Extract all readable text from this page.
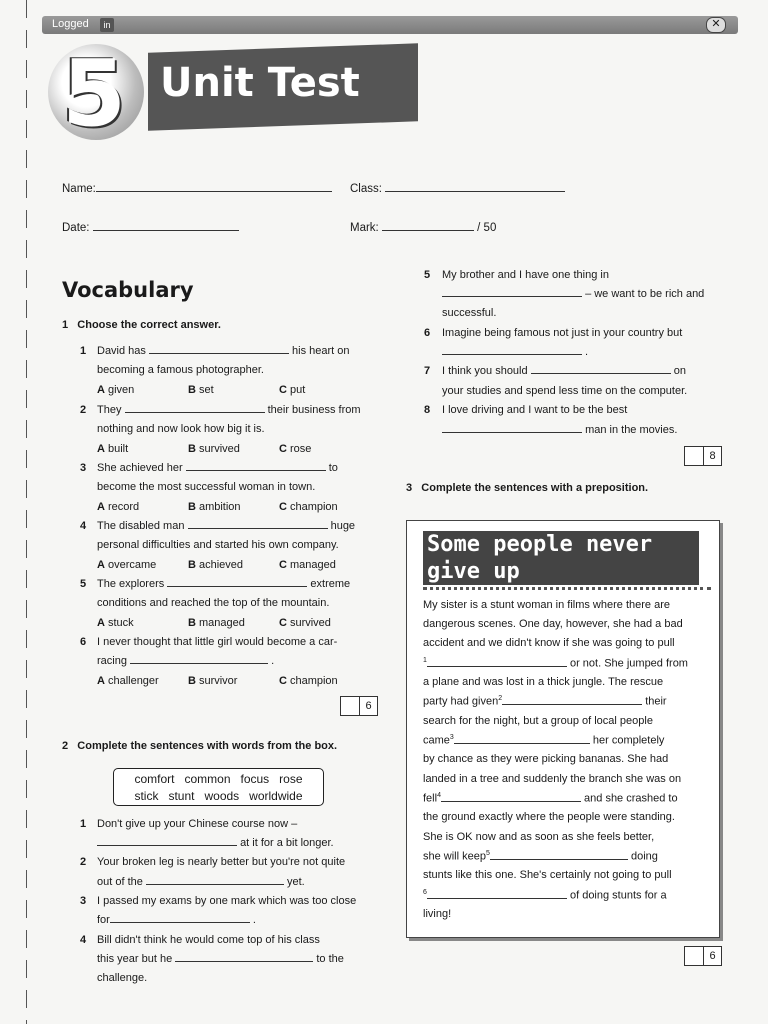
Logged	in	✕
5 Unit Test
Name:	Class:
Date:	Mark:	/ 50
Vocabulary
1 Choose the correct answer.
1 David has	his heart on
becoming a famous photographer.
A given	B set	C put
2 They	their business from
nothing and now look how big it is.
A built	B survived	C rose
3 She achieved her	to
become the most successful woman in town.
A record	B ambition	C champion
4 The disabled man	huge
personal difficulties and started his own company.
A overcame	B achieved	C managed
5 The explorers	extreme
conditions and reached the top of the mountain.
A stuck	B managed	C survived
6 I never thought that little girl would become a car-
racing	.
A challenger	B survivor	C champion
6
2 Complete the sentences with words from the box.
comfort   common   focus   rose
stick   stunt   woods   worldwide
1 Don't give up your Chinese course now –
at it for a bit longer.
2 Your broken leg is nearly better but you're not quite
out of the	yet.
3 I passed my exams by one mark which was too close
for	.
4 Bill didn't think he would come top of his class
this year but he	to the
challenge.
5 My brother and I have one thing in
– we want to be rich and
successful.
6 Imagine being famous not just in your country but
.
7 I think you should	on
your studies and spend less time on the computer.
8 I love driving and I want to be the best
man in the movies.
8
3 Complete the sentences with a preposition.
Some people never
give up
My sister is a stunt woman in films where there are
dangerous scenes. One day, however, she had a bad
accident and we didn't know if she was going to pull
$^1$	or not. She jumped from
a plane and was lost in a thick jungle. The rescue
party had given$^2$	their
search for the night, but a group of local people
came$^3$	her completely
by chance as they were picking bananas. She had
landed in a tree and suddenly the branch she was on
fell$^4$	and she crashed to
the ground exactly where the people were standing.
She is OK now and as soon as she feels better,
she will keep$^5$	doing
stunts like this one. She's certainly not going to pull
$^6$	of doing stunts for a
living!
6
